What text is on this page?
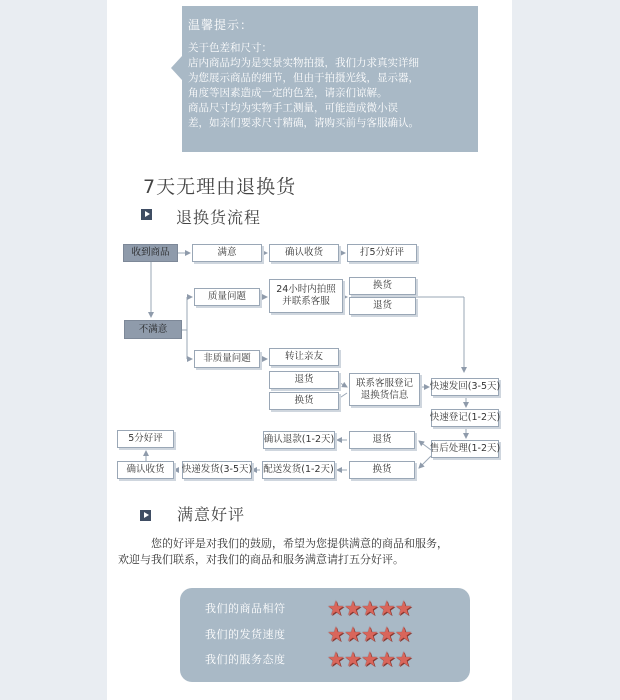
温馨提示：
关于色差和尺寸：
店内商品均为是实景实物拍摄，我们力求真实详细
为您展示商品的细节，但由于拍摄光线，显示器，
角度等因素造成一定的色差，请亲们谅解。
商品尺寸均为实物手工测量，可能造成微小误
差，如亲们要求尺寸精确，请购买前与客服确认。
7天无理由退换货
退换货流程
收到商品	满意	确认收货	打5分好评
不满意
质量问题
24小时内拍照
并联系客服
换货
退货
非质量问题	转让亲友
退货
换货
联系客服登记
退换货信息
快速发回(3-5天)
快速登记(1-2天)
售后处理(1-2天)
退货
确认退款(1-2天)
换货
配送发货(1-2天)
快递发货(3-5天)
确认收货
5分好评
满意好评
您的好评是对我们的鼓励，希望为您提供满意的商品和服务，
欢迎与我们联系，对我们的商品和服务满意请打五分好评。
我们的商品相符 ★★★★★
我们的发货速度 ★★★★★
我们的服务态度 ★★★★★
